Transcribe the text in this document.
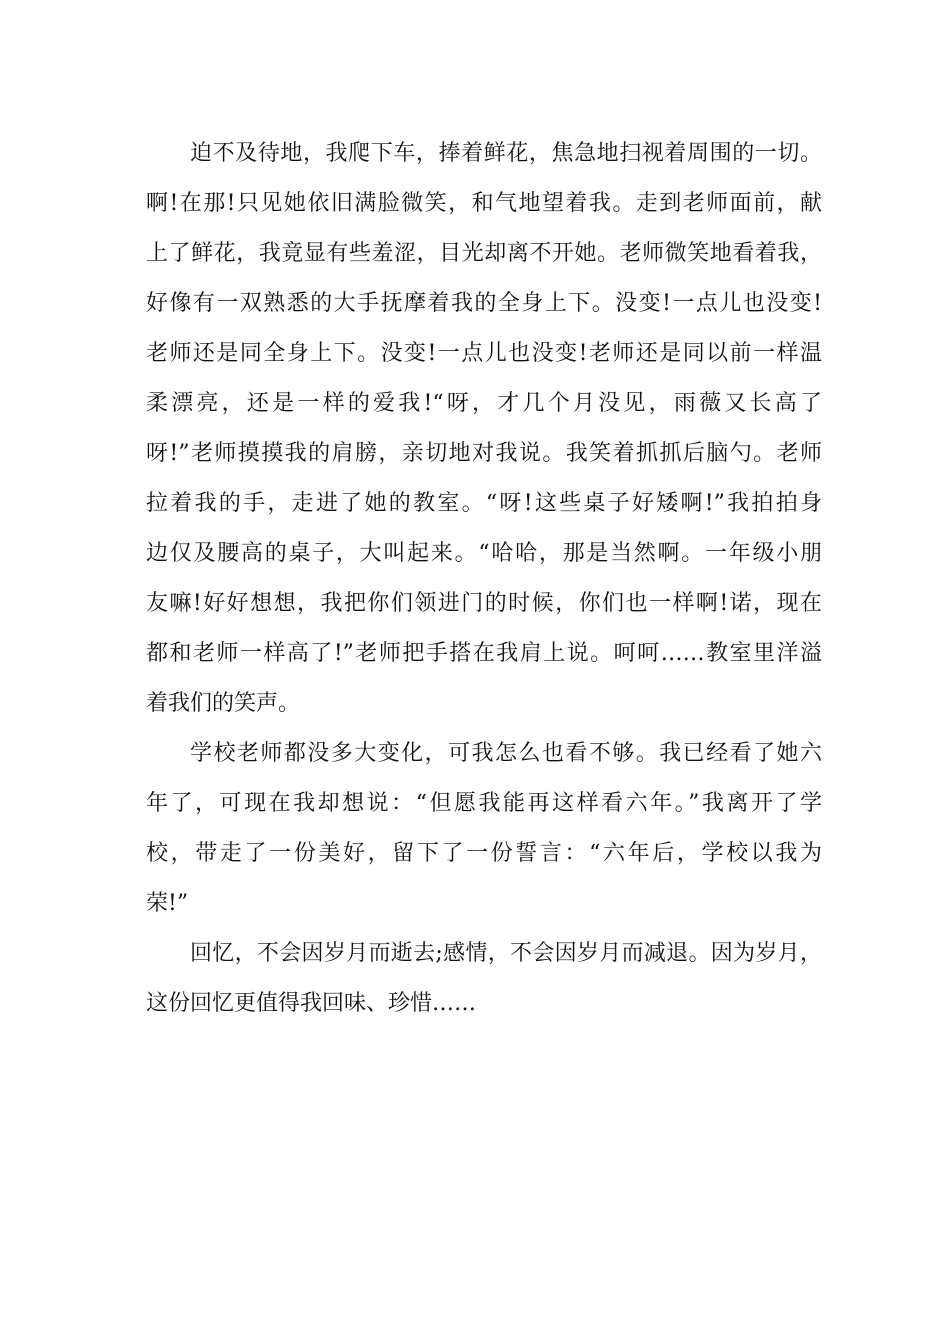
迫不及待地，我爬下车，捧着鲜花，焦急地扫视着周围的一切。
啊!在那!只见她依旧满脸微笑，和气地望着我。走到老师面前，献
上了鲜花，我竟显有些羞涩，目光却离不开她。老师微笑地看着我，
好像有一双熟悉的大手抚摩着我的全身上下。没变!一点儿也没变!
老师还是同全身上下。没变!一点儿也没变!老师还是同以前一样温
柔漂亮，还是一样的爱我!“呀，才几个月没见，雨薇又长高了
呀!”老师摸摸我的肩膀，亲切地对我说。我笑着抓抓后脑勺。老师
拉着我的手，走进了她的教室。“呀!这些桌子好矮啊!”我拍拍身
边仅及腰高的桌子，大叫起来。“哈哈，那是当然啊。一年级小朋
友嘛!好好想想，我把你们领进门的时候，你们也一样啊!诺，现在
都和老师一样高了!”老师把手搭在我肩上说。呵呵……教室里洋溢
着我们的笑声。
学校老师都没多大变化，可我怎么也看不够。我已经看了她六
年了，可现在我却想说：“但愿我能再这样看六年。”我离开了学
校，带走了一份美好，留下了一份誓言：“六年后，学校以我为
荣!”
回忆，不会因岁月而逝去;感情，不会因岁月而减退。因为岁月，
这份回忆更值得我回味、珍惜……
